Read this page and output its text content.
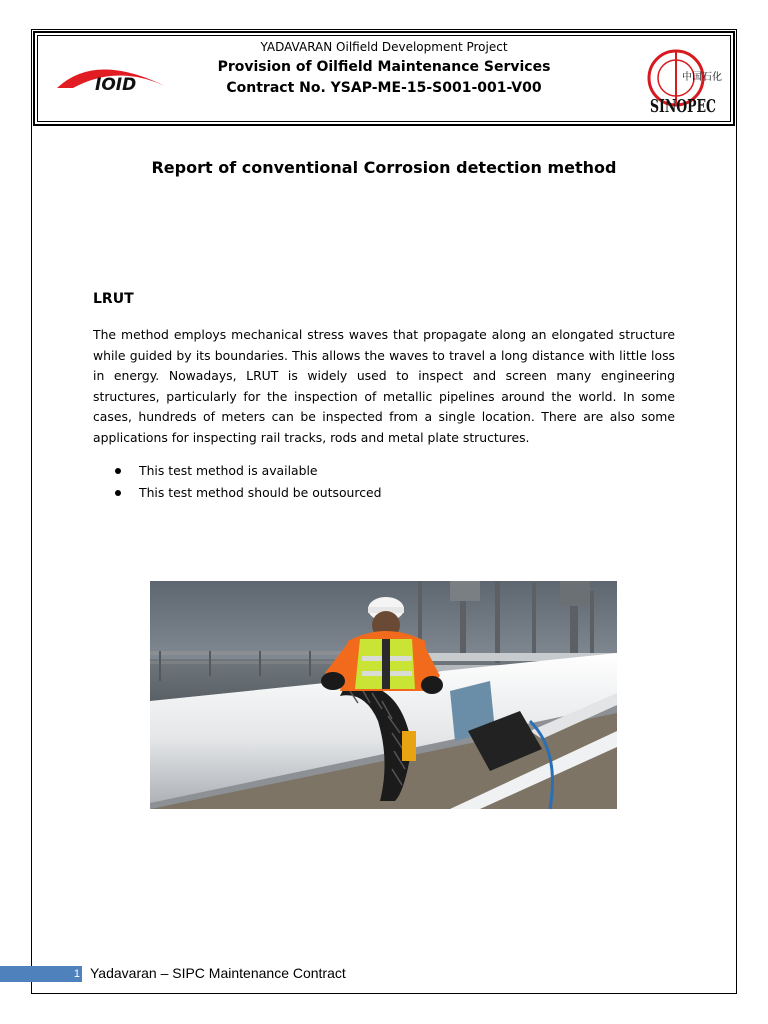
IOID	中国石化
SINOPEC
YADAVARAN Oilfield Development Project
Provision of Oilfield Maintenance Services
Contract No. YSAP-ME-15-S001-001-V00
Report of conventional Corrosion detection method
LRUT
The method employs mechanical stress waves that propagate along an elongated structure while guided by its boundaries. This allows the waves to travel a long distance with little loss in energy. Nowadays, LRUT is widely used to inspect and screen many engineering structures, particularly for the inspection of metallic pipelines around the world. In some cases, hundreds of meters can be inspected from a single location. There are also some applications for inspecting rail tracks, rods and metal plate structures.
This test method is available
This test method should be outsourced
1 Yadavaran – SIPC Maintenance Contract
